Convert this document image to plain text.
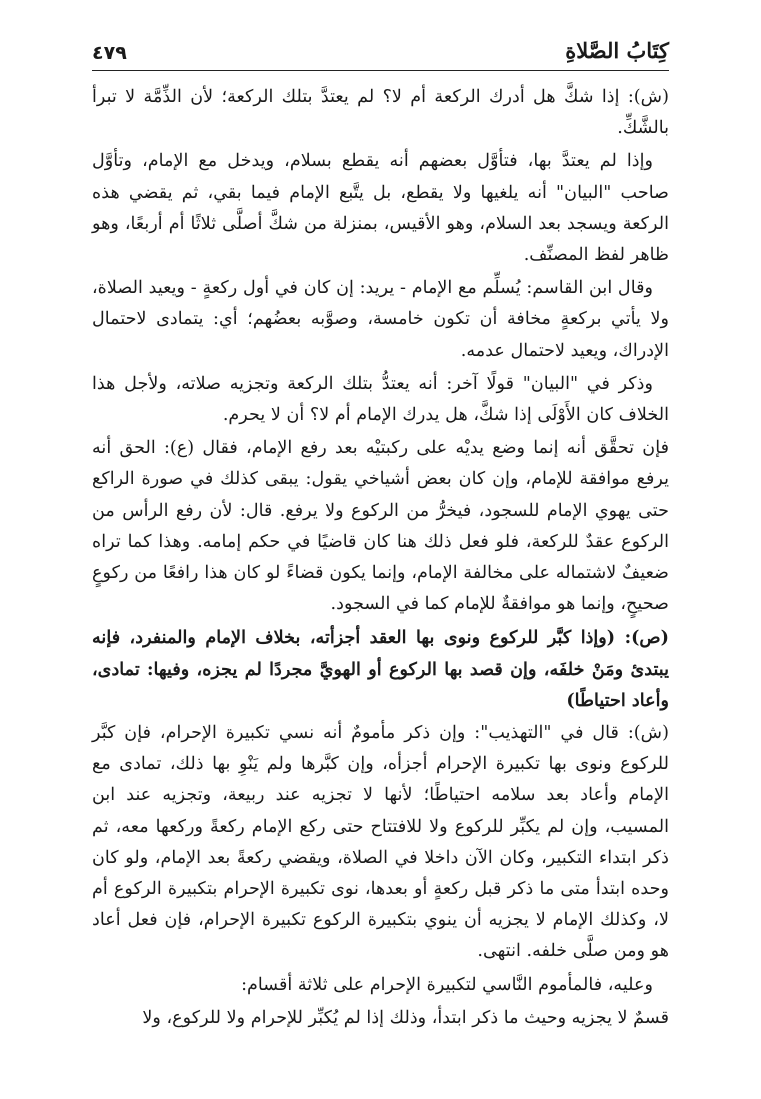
كِتَابُ الصَّلاةِ
٤٧٩

(ش): إذا شكَّ هل أدرك الركعة أم لا؟ لم يعتدَّ بتلك الركعة؛ لأن الذِّمَّة لا تبرأ بالشَّكِّ.

وإذا لم يعتدَّ بها، فتأوَّل بعضهم أنه يقطع بسلام، ويدخل مع الإمام، وتأوَّل صاحب "البيان" أنه يلغيها ولا يقطع، بل يتَّبع الإمام فيما بقي، ثم يقضي هذه الركعة ويسجد بعد السلام، وهو الأقيس، بمنزلة من شكَّ أصلَّى ثلاثًا أم أربعًا، وهو ظاهر لفظ المصنِّف.

وقال ابن القاسم: يُسلِّم مع الإمام - يريد: إن كان في أول ركعةٍ - ويعيد الصلاة، ولا يأتي بركعةٍ مخافة أن تكون خامسة، وصوَّبه بعضُهم؛ أي: يتمادى لاحتمال الإدراك، ويعيد لاحتمال عدمه.

وذكر في "البيان" قولًا آخر: أنه يعتدُّ بتلك الركعة وتجزيه صلاته، ولأجل هذا الخلاف كان الأَوْلَى إذا شكَّ، هل يدرك الإمام أم لا؟ أن لا يحرم.

فإن تحقَّق أنه إنما وضع يديْه على ركبتيْه بعد رفع الإمام، فقال (ع): الحق أنه يرفع موافقة للإمام، وإن كان بعض أشياخي يقول: يبقى كذلك في صورة الراكع حتى يهوي الإمام للسجود، فيخرُّ من الركوع ولا يرفع. قال: لأن رفع الرأس من الركوع عقدٌ للركعة، فلو فعل ذلك هنا كان قاضيًا في حكم إمامه. وهذا كما تراه ضعيفٌ لاشتماله على مخالفة الإمام، وإنما يكون قضاءً لو كان هذا رافعًا من ركوعٍ صحيحٍ، وإنما هو موافقةٌ للإمام كما في السجود.

(ص): (وإذا كبَّر للركوع ونوى بها العقد أجزأته، بخلاف الإمام والمنفرد، فإنه يبتدئ ومَنْ خلفَه، وإن قصد بها الركوع أو الهويَّ مجردًا لم يجزه، وفيها: تمادى، وأعاد احتياطًا)

(ش): قال في "التهذيب": وإن ذكر مأمومٌ أنه نسي تكبيرة الإحرام، فإن كبَّر للركوع ونوى بها تكبيرة الإحرام أجزأه، وإن كبَّرها ولم يَنْوِ بها ذلك، تمادى مع الإمام وأعاد بعد سلامه احتياطًا؛ لأنها لا تجزيه عند ربيعة، وتجزيه عند ابن المسيب، وإن لم يكبِّر للركوع ولا للافتتاح حتى ركع الإمام ركعةً وركعها معه، ثم ذكر ابتداء التكبير، وكان الآن داخلا في الصلاة، ويقضي ركعةً بعد الإمام، ولو كان وحده ابتدأ متى ما ذكر قبل ركعةٍ أو بعدها، نوى تكبيرة الإحرام بتكبيرة الركوع أم لا، وكذلك الإمام لا يجزيه أن ينوي بتكبيرة الركوع تكبيرة الإحرام، فإن فعل أعاد هو ومن صلَّى خلفه. انتهى.

وعليه، فالمأموم النَّاسي لتكبيرة الإحرام على ثلاثة أقسام:

قسمٌ لا يجزيه وحيث ما ذكر ابتدأ، وذلك إذا لم يُكبِّر للإحرام ولا للركوع، ولا
